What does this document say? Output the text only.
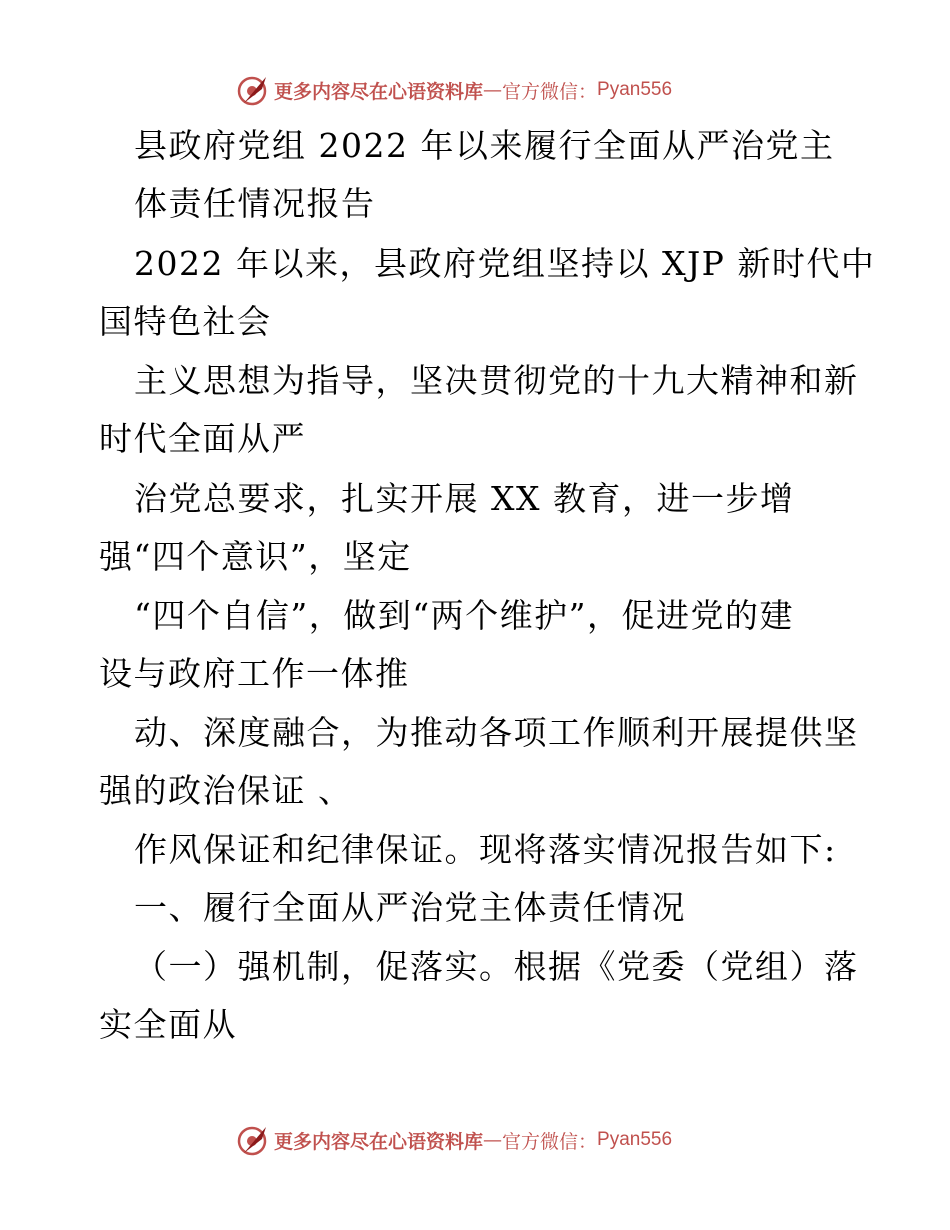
更多内容尽在心语资料库 — 官方微信： Pyan556
县政府党组 2022 年以来履行全面从严治党主
体责任情况报告
2022 年以来，县政府党组坚持以 XJP 新时代中
国特色社会
主义思想为指导，坚决贯彻党的十九大精神和新
时代全面从严
治党总要求，扎实开展 XX 教育，进一步增
强“四个意识”，坚定
“四个自信”，做到“两个维护”，促进党的建
设与政府工作一体推
动、深度融合，为推动各项工作顺利开展提供坚
强的政治保证 、
作风保证和纪律保证。现将落实情况报告如下:
一、履行全面从严治党主体责任情况
（一）强机制，促落实。根据《党委（党组）落
实全面从
更多内容尽在心语资料库 — 官方微信： Pyan556
